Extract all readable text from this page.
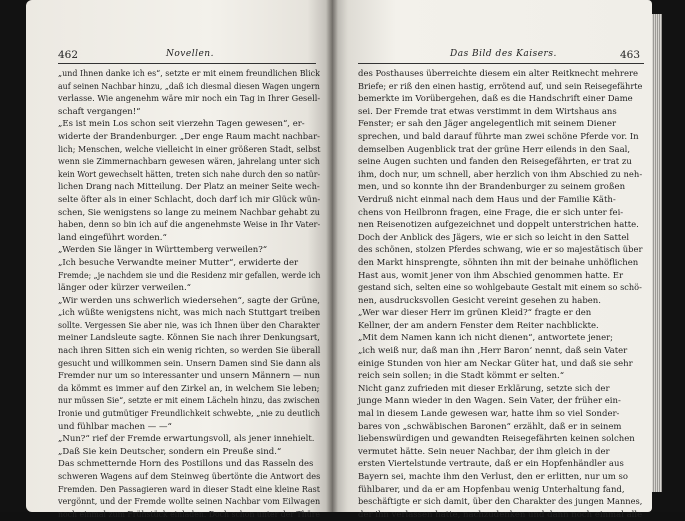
462	Novellen.

„und Ihnen danke ich es“, setzte er mit einem freundlichen Blick

auf seinen Nachbar hinzu, „daß ich diesmal diesen Wagen ungern

verlasse. Wie angenehm wäre mir noch ein Tag in Ihrer Gesell-

schaft vergangen!“

„Es ist mein Los schon seit vierzehn Tagen gewesen“, er-

widerte der Brandenburger. „Der enge Raum macht nachbar-

lich; Menschen, welche vielleicht in einer größeren Stadt, selbst

wenn sie Zimmernachbarn gewesen wären, jahrelang unter sich

kein Wort gewechselt hätten, treten sich nahe durch den so natür-

lichen Drang nach Mitteilung. Der Platz an meiner Seite wech-

selte öfter als in einer Schlacht, doch darf ich mir Glück wün-

schen, Sie wenigstens so lange zu meinem Nachbar gehabt zu

haben, denn so bin ich auf die angenehmste Weise in Ihr Vater-

land eingeführt worden.“

„Werden Sie länger in Württemberg verweilen?“

„Ich besuche Verwandte meiner Mutter“, erwiderte der

Fremde; „je nachdem sie und die Residenz mir gefallen, werde ich

länger oder kürzer verweilen.“

„Wir werden uns schwerlich wiedersehen“, sagte der Grüne,

„ich wüßte wenigstens nicht, was mich nach Stuttgart treiben

sollte. Vergessen Sie aber nie, was ich Ihnen über den Charakter

meiner Landsleute sagte. Können Sie nach ihrer Denkungsart,

nach ihren Sitten sich ein wenig richten, so werden Sie überall

gesucht und willkommen sein. Unsern Damen sind Sie dann als

Fremder nur um so interessanter und unsern Männern — nun

da kömmt es immer auf den Zirkel an, in welchem Sie leben;

nur müssen Sie“, setzte er mit einem Lächeln hinzu, das zwischen

Ironie und gutmütiger Freundlichkeit schwebte, „nie zu deutlich

und fühlbar machen — —“

„Nun?“ rief der Fremde erwartungsvoll, als jener innehielt.

„Daß Sie kein Deutscher, sondern ein Preuße sind.“

Das schmetternde Horn des Postillons und das Rasseln des

schweren Wagens auf dem Steinweg übertönte die Antwort des

Fremden. Den Passagieren ward in dieser Stadt eine kleine Rast

vergönnt, und der Fremde wollte seinen Nachbar vom Eilwagen

noch einmal zum Frühstück einladen. Doch schon unter der Thüre

Das Bild des Kaisers.	463

des Posthauses überreichte diesem ein alter Reitknecht mehrere

Briefe; er riß den einen hastig, errötend auf, und sein Reisegefährte

bemerkte im Vorübergehen, daß es die Handschrift einer Dame

sei. Der Fremde trat etwas verstimmt in dem Wirtshaus ans

Fenster; er sah den Jäger angelegentlich mit seinem Diener

sprechen, und bald darauf führte man zwei schöne Pferde vor. In

demselben Augenblick trat der grüne Herr eilends in den Saal,

seine Augen suchten und fanden den Reisegefährten, er trat zu

ihm, doch nur, um schnell, aber herzlich von ihm Abschied zu neh-

men, und so konnte ihn der Brandenburger zu seinem großen

Verdruß nicht einmal nach dem Haus und der Familie Käth-

chens von Heilbronn fragen, eine Frage, die er sich unter fei-

nen Reisenotizen aufgezeichnet und doppelt unterstrichen hatte.

Doch der Anblick des Jägers, wie er sich so leicht in den Sattel

des schönen, stolzen Pferdes schwang, wie er so majestätisch über

den Markt hinsprengte, söhnten ihn mit der beinahe unhöflichen

Hast aus, womit jener von ihm Abschied genommen hatte. Er

gestand sich, selten eine so wohlgebaute Gestalt mit einem so schö-

nen, ausdrucksvollen Gesicht vereint gesehen zu haben.

„Wer war dieser Herr im grünen Kleid?“ fragte er den

Kellner, der am andern Fenster dem Reiter nachblickte.

„Mit dem Namen kann ich nicht dienen“, antwortete jener;

„ich weiß nur, daß man ihn ‚Herr Baron‘ nennt, daß sein Vater

einige Stunden von hier am Neckar Güter hat, und daß sie sehr

reich sein sollen; in die Stadt kömmt er selten.“

Nicht ganz zufrieden mit dieser Erklärung, setzte sich der

junge Mann wieder in den Wagen. Sein Vater, der früher ein-

mal in diesem Lande gewesen war, hatte ihm so viel Sonder-

bares von „schwäbischen Baronen“ erzählt, daß er in seinem

liebenswürdigen und gewandten Reisegefährten keinen solchen

vermutet hätte. Sein neuer Nachbar, der ihm gleich in der

ersten Viertelstunde vertraute, daß er ein Hopfenhändler aus

Bayern sei, machte ihm den Verlust, den er erlitten, nur um so

fühlbarer, und da er am Hopfenbau wenig Unterhaltung fand,

beschäftigte er sich damit, über den Charakter des jungen Mannes,

der ihn verlassen hatte, nachzudenken und dann noch einmal alle
